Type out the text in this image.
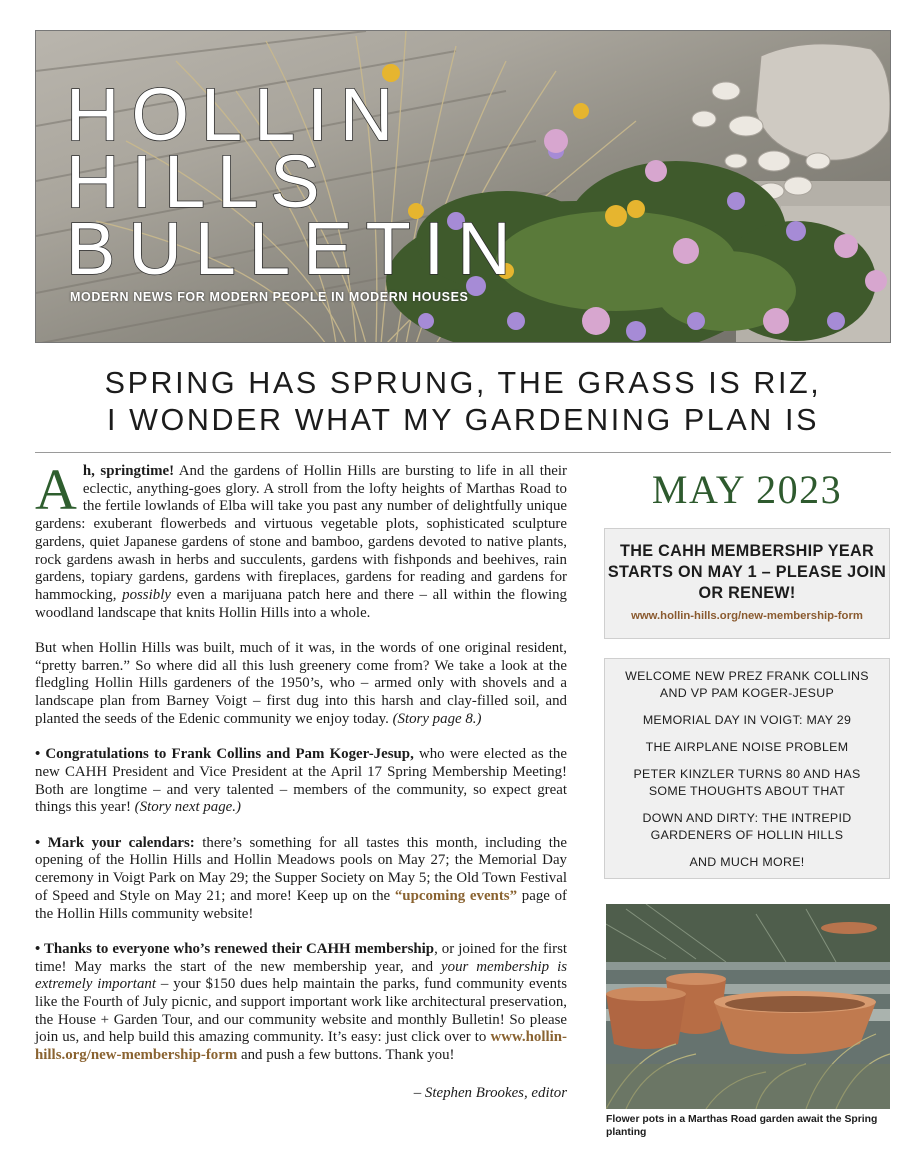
HOLLIN
HILLS
BULLETIN
MODERN NEWS FOR MODERN PEOPLE IN MODERN HOUSES
SPRING HAS SPRUNG, THE GRASS IS RIZ,
I WONDER WHAT MY GARDENING PLAN IS

Ah, springtime! And the gardens of Hollin Hills are bursting to life in all their eclectic, anything-goes glory. A stroll from the lofty heights of Marthas Road to the fertile lowlands of Elba will take you past any number of delightfully unique gardens: exuberant flowerbeds and virtuous vegetable plots, sophisticated sculpture gardens, quiet Japanese gardens of stone and bamboo, gardens devoted to native plants, rock gardens awash in herbs and succulents, gardens with fishponds and beehives, rain gardens, topiary gardens, gardens with fireplaces, gardens for reading and gardens for hammocking, possibly even a marijuana patch here and there – all within the flowing woodland landscape that knits Hollin Hills into a whole.

But when Hollin Hills was built, much of it was, in the words of one original resident, “pretty barren.” So where did all this lush greenery come from? We take a look at the fledgling Hollin Hills gardeners of the 1950’s, who – armed only with shovels and a landscape plan from Barney Voigt – first dug into this harsh and clay-filled soil, and planted the seeds of the Edenic community we enjoy today. (Story page 8.)

• Congratulations to Frank Collins and Pam Koger-Jesup, who were elected as the new CAHH President and Vice President at the April 17 Spring Membership Meeting! Both are longtime – and very talented – members of the community, so expect great things this year! (Story next page.)

• Mark your calendars: there’s something for all tastes this month, including the opening of the Hollin Hills and Hollin Meadows pools on May 27; the Memorial Day ceremony in Voigt Park on May 29; the Supper Society on May 5; the Old Town Festival of Speed and Style on May 21; and more! Keep up on the “upcoming events” page of the Hollin Hills community website!

• Thanks to everyone who’s renewed their CAHH membership, or joined for the first time! May marks the start of the new membership year, and your membership is extremely important – your $150 dues help maintain the parks, fund community events like the Fourth of July picnic, and support important work like architectural preservation, the House + Garden Tour, and our community website and monthly Bulletin! So please join us, and help build this amazing community. It’s easy: just click over to www.hollin-hills.org/new-membership-form and push a few buttons. Thank you!

– Stephen Brookes, editor
MAY 2023
THE CAHH MEMBERSHIP YEAR STARTS ON MAY 1 – PLEASE JOIN OR RENEW!
www.hollin-hills.org/new-membership-form
WELCOME NEW PREZ FRANK COLLINS AND VP PAM KOGER-JESUP
MEMORIAL DAY IN VOIGT: MAY 29
THE AIRPLANE NOISE PROBLEM
PETER KINZLER TURNS 80 AND HAS SOME THOUGHTS ABOUT THAT
DOWN AND DIRTY: THE INTREPID GARDENERS OF HOLLIN HILLS
AND MUCH MORE!
Flower pots in a Marthas Road garden await the Spring planting
